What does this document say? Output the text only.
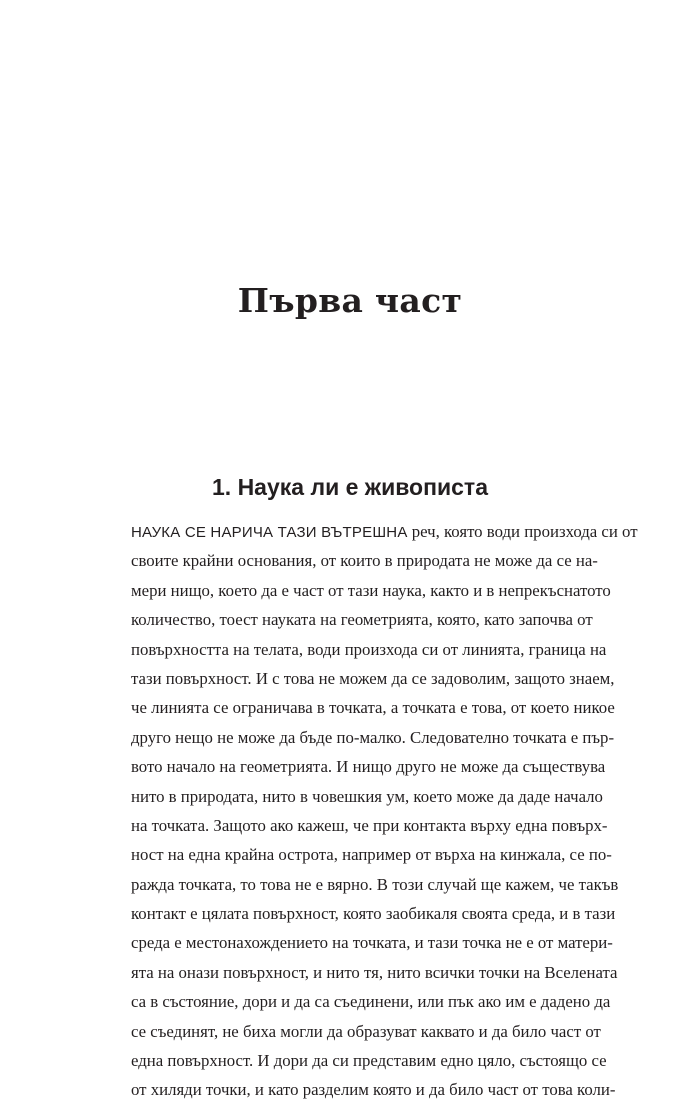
Първа част
1. Наука ли е живописта
НАУКА СЕ НАРИЧА ТАЗИ ВЪТРЕШНА реч, която води произхода си от
своите крайни основания, от които в природата не може да се на-
мери нищо, което да е част от тази наука, както и в непрекъснатото
количество, тоест науката на геометрията, която, като започва от
повърхността на телата, води произхода си от линията, граница на
тази повърхност. И с това не можем да се задоволим, защото знаем,
че линията се ограничава в точката, а точката е това, от което никое
друго нещо не може да бъде по-малко. Следователно точката е пър-
вото начало на геометрията. И нищо друго не може да съществува
нито в природата, нито в човешкия ум, което може да даде начало
на точката. Защото ако кажеш, че при контакта върху една повърх-
ност на една крайна острота, например от върха на кинжала, се по-
ражда точката, то това не е вярно. В този случай ще кажем, че такъв
контакт е цялата повърхност, която заобикаля своята среда, и в тази
среда е местонахождението на точката, и тази точка не е от матери-
ята на онази повърхност, и нито тя, нито всички точки на Вселената
са в състояние, дори и да са съединени, или пък ако им е дадено да
се съединят, не биха могли да образуват каквато и да било част от
една повърхност. И дори да си представим едно цяло, състоящо се
от хиляди точки, и като разделим която и да било част от това коли-
